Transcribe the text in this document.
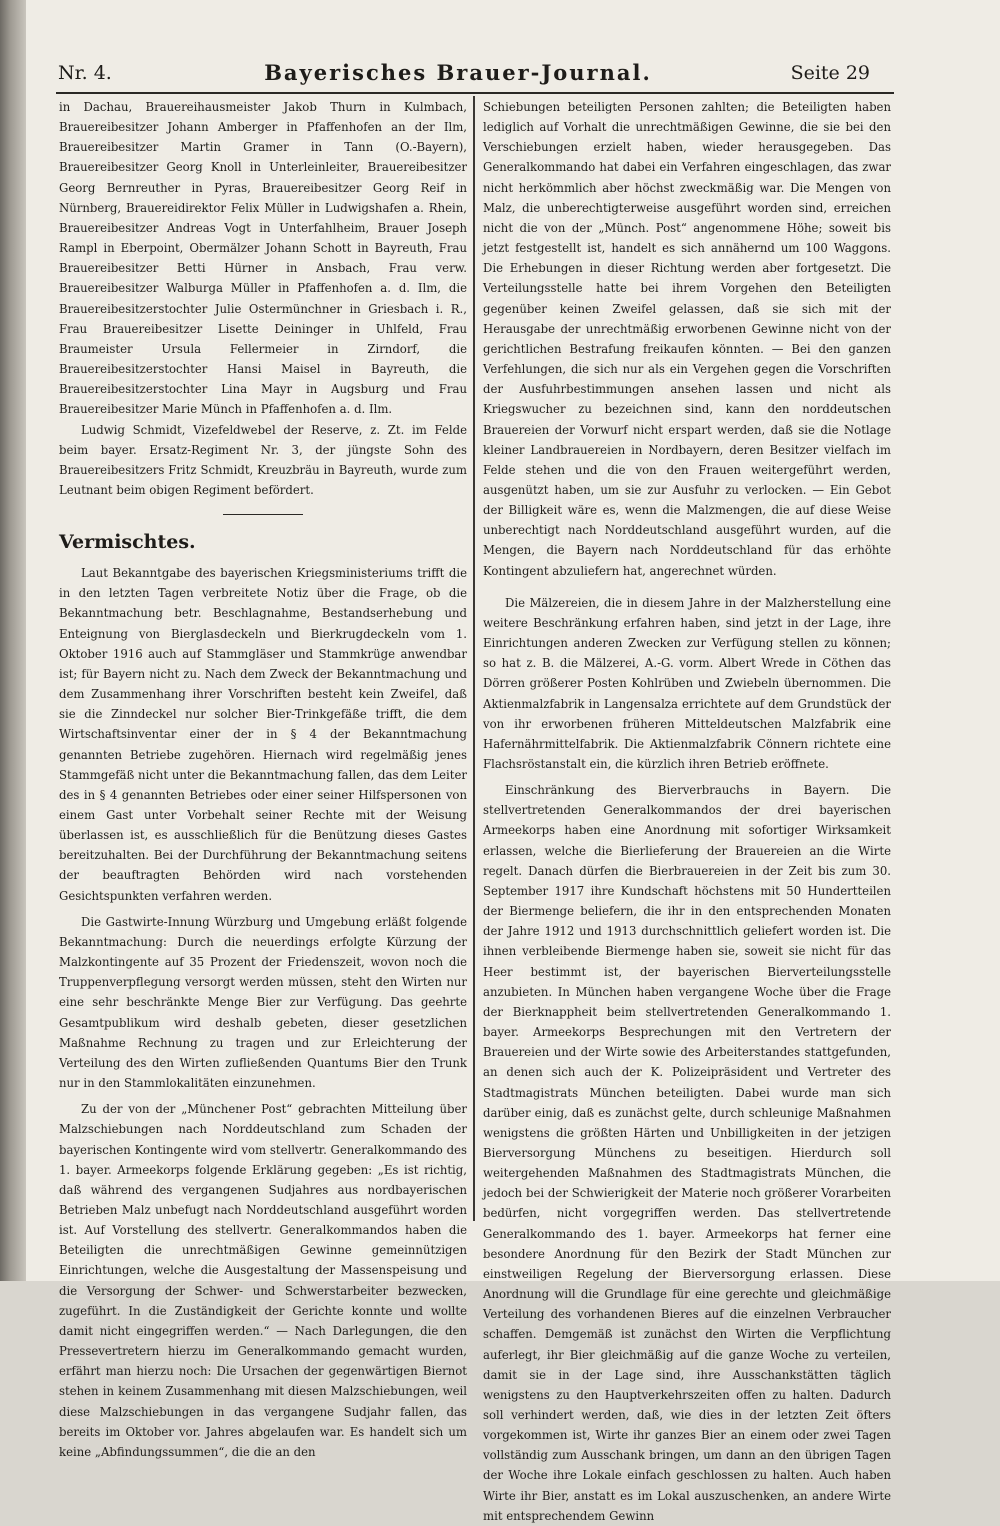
Nr. 4.	Bayerisches Brauer-Journal.	Seite 29

in Dachau, Brauereihausmeister Jakob Thurn in Kulmbach, Brauereibesitzer Johann Amberger in Pfaffenhofen an der Ilm, Brauereibesitzer Martin Gramer in Tann (O.-Bayern), Brauereibesitzer Georg Knoll in Unterleinleiter, Brauereibesitzer Georg Bernreuther in Pyras, Brauereibesitzer Georg Reif in Nürnberg, Brauereidirektor Felix Müller in Ludwigshafen a. Rhein, Brauereibesitzer Andreas Vogt in Unterfahlheim, Brauer Joseph Rampl in Eberpoint, Obermälzer Johann Schott in Bayreuth, Frau Brauereibesitzer Betti Hürner in Ansbach, Frau verw. Brauereibesitzer Walburga Müller in Pfaffenhofen a. d. Ilm, die Brauereibesitzerstochter Julie Ostermünchner in Griesbach i. R., Frau Brauereibesitzer Lisette Deininger in Uhlfeld, Frau Braumeister Ursula Fellermeier in Zirndorf, die Brauereibesitzerstochter Hansi Maisel in Bayreuth, die Brauereibesitzerstochter Lina Mayr in Augsburg und Frau Brauereibesitzer Marie Münch in Pfaffenhofen a. d. Ilm.

Ludwig Schmidt, Vizefeldwebel der Reserve, z. Zt. im Felde beim bayer. Ersatz-Regiment Nr. 3, der jüngste Sohn des Brauereibesitzers Fritz Schmidt, Kreuzbräu in Bayreuth, wurde zum Leutnant beim obigen Regiment befördert.

Vermischtes.

Laut Bekanntgabe des bayerischen Kriegsministeriums trifft die in den letzten Tagen verbreitete Notiz über die Frage, ob die Bekanntmachung betr. Beschlagnahme, Bestandserhebung und Enteignung von Bierglasdeckeln und Bierkrugdeckeln vom 1. Oktober 1916 auch auf Stammgläser und Stammkrüge anwendbar ist; für Bayern nicht zu. Nach dem Zweck der Bekanntmachung und dem Zusammenhang ihrer Vorschriften besteht kein Zweifel, daß sie die Zinndeckel nur solcher Bier-Trinkgefäße trifft, die dem Wirtschaftsinventar einer der in § 4 der Bekanntmachung genannten Betriebe zugehören. Hiernach wird regelmäßig jenes Stammgefäß nicht unter die Bekanntmachung fallen, das dem Leiter des in § 4 genannten Betriebes oder einer seiner Hilfspersonen von einem Gast unter Vorbehalt seiner Rechte mit der Weisung überlassen ist, es ausschließlich für die Benützung dieses Gastes bereitzuhalten. Bei der Durchführung der Bekanntmachung seitens der beauftragten Behörden wird nach vorstehenden Gesichtspunkten verfahren werden.

Die Gastwirte-Innung Würzburg und Umgebung erläßt folgende Bekanntmachung: Durch die neuerdings erfolgte Kürzung der Malzkontingente auf 35 Prozent der Friedenszeit, wovon noch die Truppenverpflegung versorgt werden müssen, steht den Wirten nur eine sehr beschränkte Menge Bier zur Verfügung. Das geehrte Gesamtpublikum wird deshalb gebeten, dieser gesetzlichen Maßnahme Rechnung zu tragen und zur Erleichterung der Verteilung des den Wirten zufließenden Quantums Bier den Trunk nur in den Stammlokalitäten einzunehmen.

Zu der von der „Münchener Post“ gebrachten Mitteilung über Malzschiebungen nach Norddeutschland zum Schaden der bayerischen Kontingente wird vom stellvertr. Generalkommando des 1. bayer. Armeekorps folgende Erklärung gegeben: „Es ist richtig, daß während des vergangenen Sudjahres aus nordbayerischen Betrieben Malz unbefugt nach Norddeutschland ausgeführt worden ist. Auf Vorstellung des stellvertr. Generalkommandos haben die Beteiligten die unrechtmäßigen Gewinne gemeinnützigen Einrichtungen, welche die Ausgestaltung der Massenspeisung und die Versorgung der Schwer- und Schwerstarbeiter bezwecken, zugeführt. In die Zuständigkeit der Gerichte konnte und wollte damit nicht eingegriffen werden.“ — Nach Darlegungen, die den Pressevertretern hierzu im Generalkommando gemacht wurden, erfährt man hierzu noch: Die Ursachen der gegenwärtigen Biernot stehen in keinem Zusammenhang mit diesen Malzschiebungen, weil diese Malzschiebungen in das vergangene Sudjahr fallen, das bereits im Oktober vor. Jahres abgelaufen war. Es handelt sich um keine „Abfindungssummen“, die die an den

Schiebungen beteiligten Personen zahlten; die Beteiligten haben lediglich auf Vorhalt die unrechtmäßigen Gewinne, die sie bei den Verschiebungen erzielt haben, wieder herausgegeben. Das Generalkommando hat dabei ein Verfahren eingeschlagen, das zwar nicht herkömmlich aber höchst zweckmäßig war. Die Mengen von Malz, die unberechtigterweise ausgeführt worden sind, erreichen nicht die von der „Münch. Post“ angenommene Höhe; soweit bis jetzt festgestellt ist, handelt es sich annähernd um 100 Waggons. Die Erhebungen in dieser Richtung werden aber fortgesetzt. Die Verteilungsstelle hatte bei ihrem Vorgehen den Beteiligten gegenüber keinen Zweifel gelassen, daß sie sich mit der Herausgabe der unrechtmäßig erworbenen Gewinne nicht von der gerichtlichen Bestrafung freikaufen könnten. — Bei den ganzen Verfehlungen, die sich nur als ein Vergehen gegen die Vorschriften der Ausfuhrbestimmungen ansehen lassen und nicht als Kriegswucher zu bezeichnen sind, kann den norddeutschen Brauereien der Vorwurf nicht erspart werden, daß sie die Notlage kleiner Landbrauereien in Nordbayern, deren Besitzer vielfach im Felde stehen und die von den Frauen weitergeführt werden, ausgenützt haben, um sie zur Ausfuhr zu verlocken. — Ein Gebot der Billigkeit wäre es, wenn die Malzmengen, die auf diese Weise unberechtigt nach Norddeutschland ausgeführt wurden, auf die Mengen, die Bayern nach Norddeutschland für das erhöhte Kontingent abzuliefern hat, angerechnet würden.

Die Mälzereien, die in diesem Jahre in der Malzherstellung eine weitere Beschränkung erfahren haben, sind jetzt in der Lage, ihre Einrichtungen anderen Zwecken zur Verfügung stellen zu können; so hat z. B. die Mälzerei, A.-G. vorm. Albert Wrede in Cöthen das Dörren größerer Posten Kohlrüben und Zwiebeln übernommen. Die Aktienmalzfabrik in Langensalza errichtete auf dem Grundstück der von ihr erworbenen früheren Mitteldeutschen Malzfabrik eine Hafernährmittelfabrik. Die Aktienmalzfabrik Cönnern richtete eine Flachsröstanstalt ein, die kürzlich ihren Betrieb eröffnete.

Einschränkung des Bierverbrauchs in Bayern. Die stellvertretenden Generalkommandos der drei bayerischen Armeekorps haben eine Anordnung mit sofortiger Wirksamkeit erlassen, welche die Bierlieferung der Brauereien an die Wirte regelt. Danach dürfen die Bierbrauereien in der Zeit bis zum 30. September 1917 ihre Kundschaft höchstens mit 50 Hundertteilen der Biermenge beliefern, die ihr in den entsprechenden Monaten der Jahre 1912 und 1913 durchschnittlich geliefert worden ist. Die ihnen verbleibende Biermenge haben sie, soweit sie nicht für das Heer bestimmt ist, der bayerischen Bierverteilungsstelle anzubieten. In München haben vergangene Woche über die Frage der Bierknappheit beim stellvertretenden Generalkommando 1. bayer. Armeekorps Besprechungen mit den Vertretern der Brauereien und der Wirte sowie des Arbeiterstandes stattgefunden, an denen sich auch der K. Polizeipräsident und Vertreter des Stadtmagistrats München beteiligten. Dabei wurde man sich darüber einig, daß es zunächst gelte, durch schleunige Maßnahmen wenigstens die größten Härten und Unbilligkeiten in der jetzigen Bierversorgung Münchens zu beseitigen. Hierdurch soll weitergehenden Maßnahmen des Stadtmagistrats München, die jedoch bei der Schwierigkeit der Materie noch größerer Vorarbeiten bedürfen, nicht vorgegriffen werden. Das stellvertretende Generalkommando des 1. bayer. Armeekorps hat ferner eine besondere Anordnung für den Bezirk der Stadt München zur einstweiligen Regelung der Bierversorgung erlassen. Diese Anordnung will die Grundlage für eine gerechte und gleichmäßige Verteilung des vorhandenen Bieres auf die einzelnen Verbraucher schaffen. Demgemäß ist zunächst den Wirten die Verpflichtung auferlegt, ihr Bier gleichmäßig auf die ganze Woche zu verteilen, damit sie in der Lage sind, ihre Ausschankstätten täglich wenigstens zu den Hauptverkehrszeiten offen zu halten. Dadurch soll verhindert werden, daß, wie dies in der letzten Zeit öfters vorgekommen ist, Wirte ihr ganzes Bier an einem oder zwei Tagen vollständig zum Ausschank bringen, um dann an den übrigen Tagen der Woche ihre Lokale einfach geschlossen zu halten. Auch haben Wirte ihr Bier, anstatt es im Lokal auszuschenken, an andere Wirte mit entsprechendem Gewinn
